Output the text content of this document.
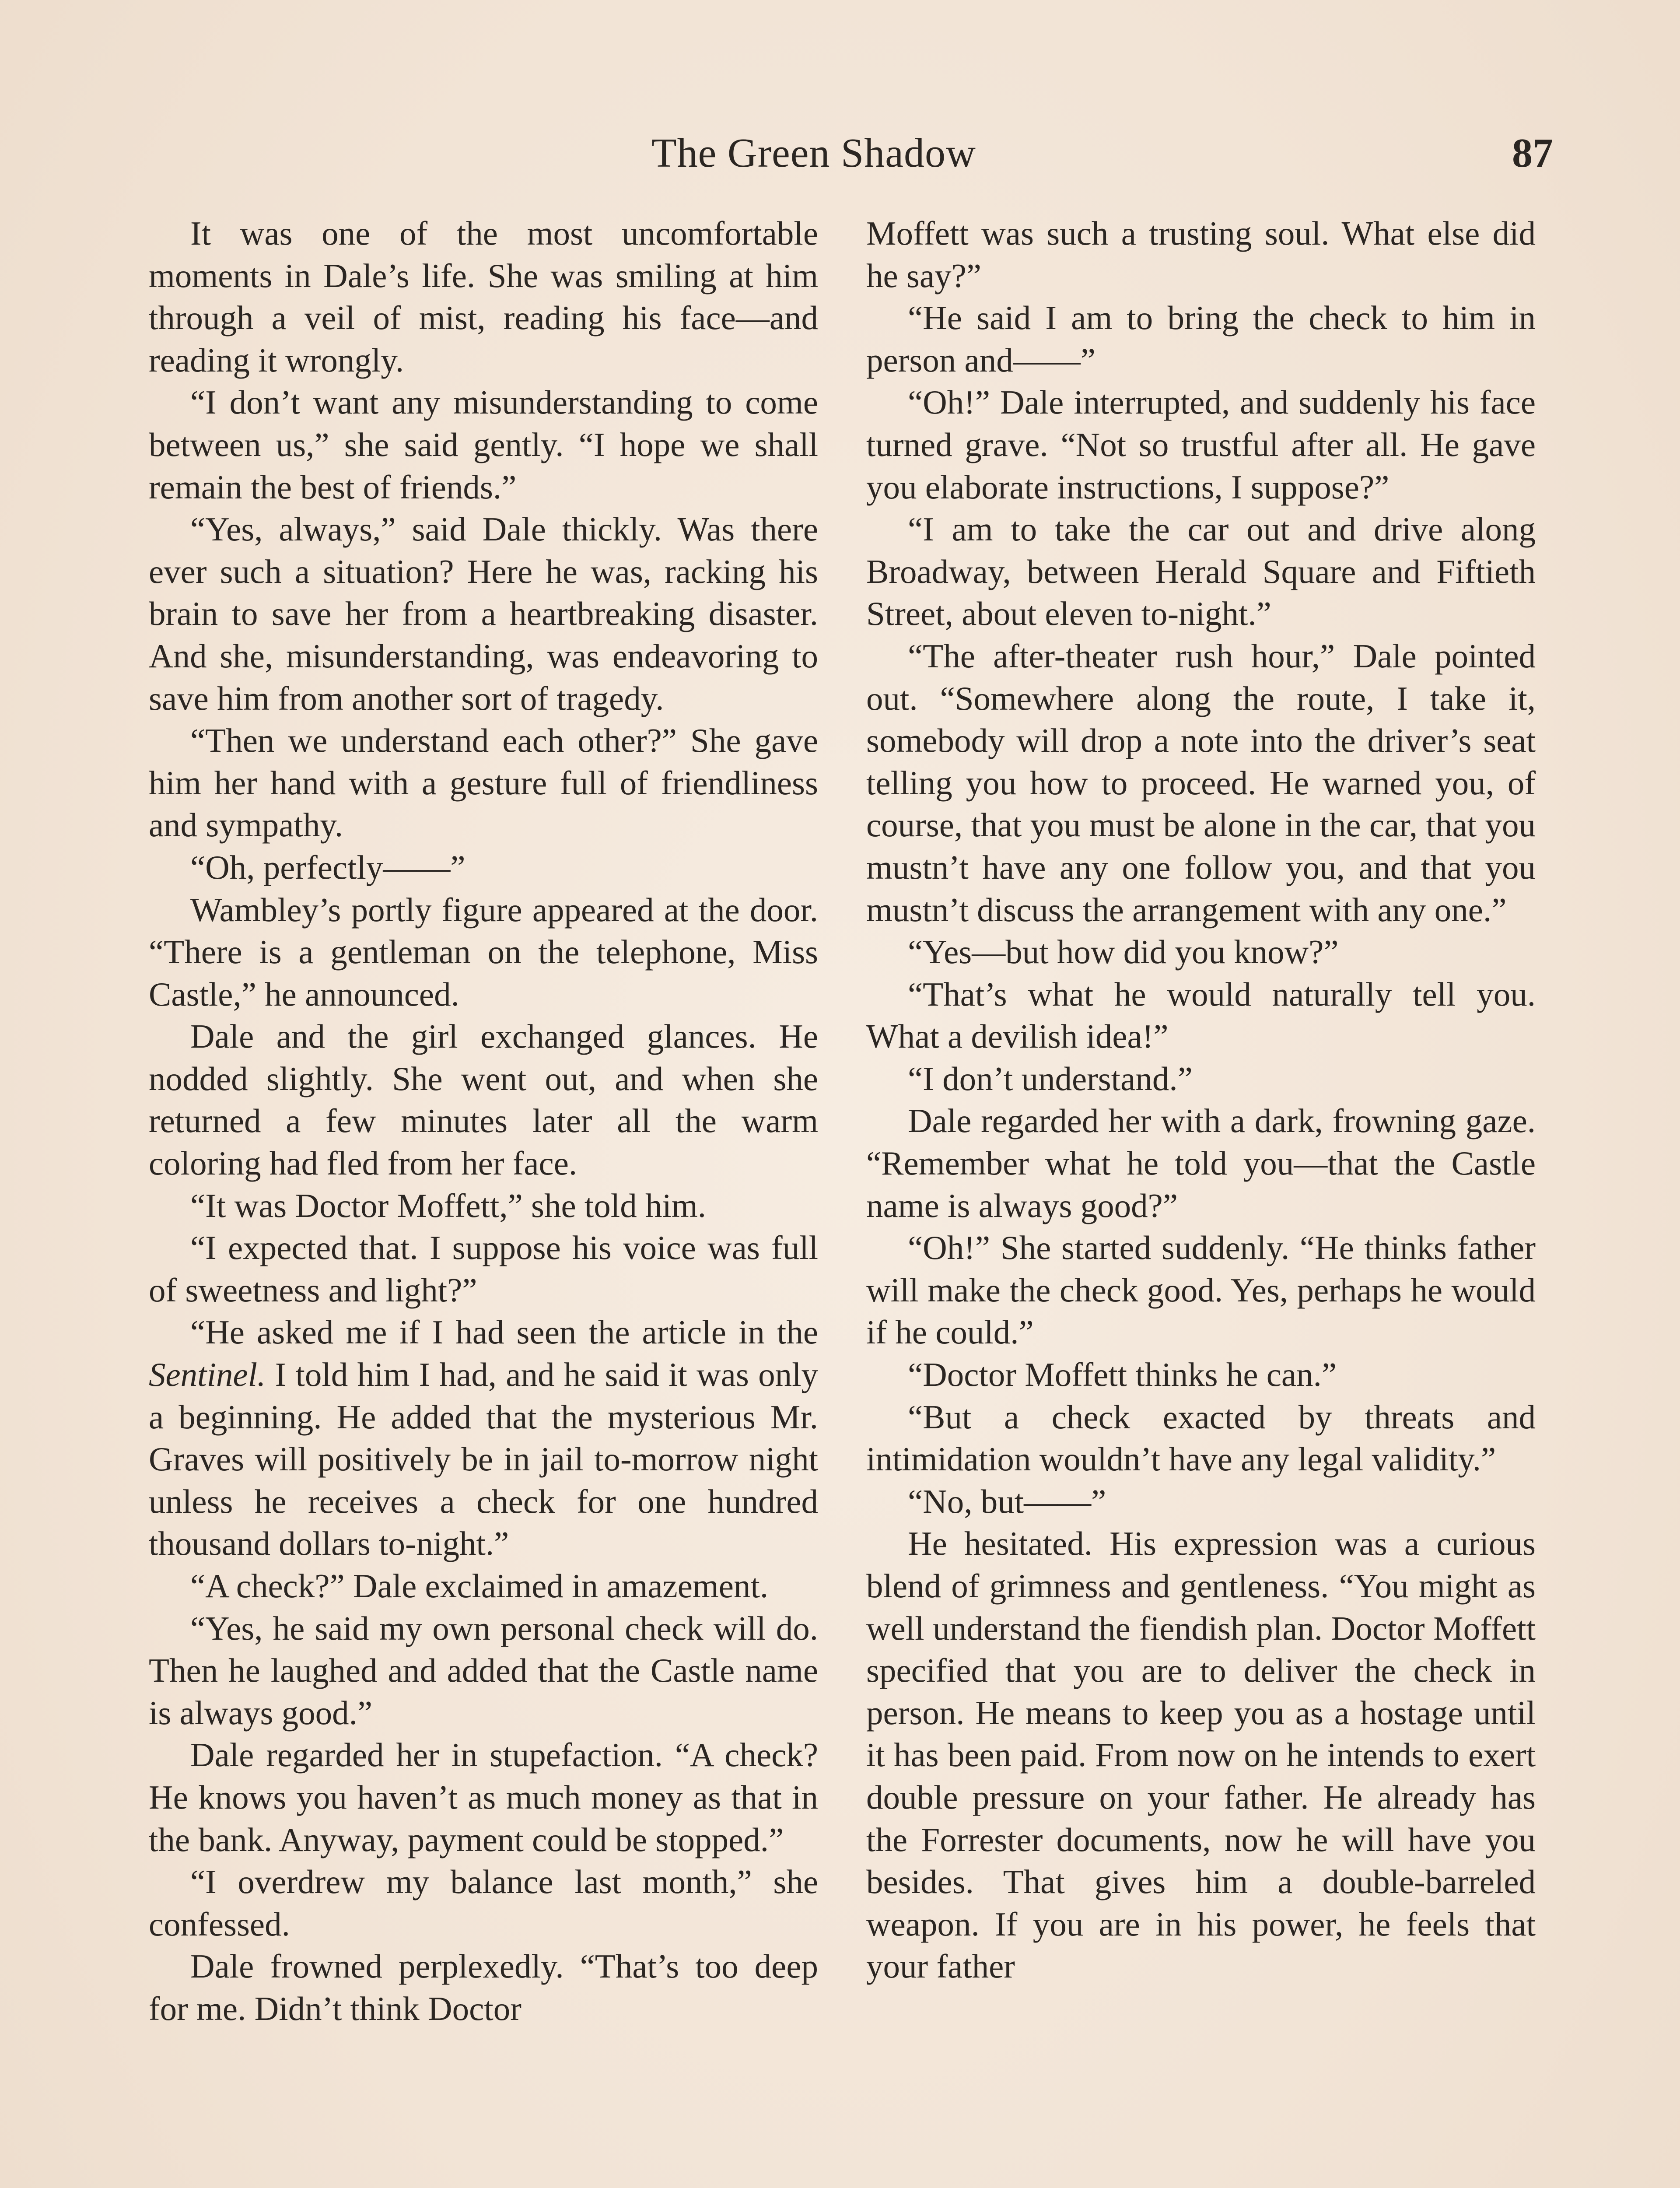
The Green Shadow	87

It was one of the most uncomfortable moments in Dale’s life. She was smiling at him through a veil of mist, reading his face—and reading it wrongly.

“I don’t want any misunderstanding to come between us,” she said gently. “I hope we shall remain the best of friends.”

“Yes, always,” said Dale thickly. Was there ever such a situation? Here he was, racking his brain to save her from a heartbreaking disaster. And she, misunderstanding, was endeavoring to save him from another sort of tragedy.

“Then we understand each other?” She gave him her hand with a gesture full of friendliness and sympathy.

“Oh, perfectly——”

Wambley’s portly figure appeared at the door. “There is a gentleman on the telephone, Miss Castle,” he announced.

Dale and the girl exchanged glances. He nodded slightly. She went out, and when she returned a few minutes later all the warm coloring had fled from her face.

“It was Doctor Moffett,” she told him.

“I expected that. I suppose his voice was full of sweetness and light?”

“He asked me if I had seen the article in the Sentinel. I told him I had, and he said it was only a beginning. He added that the mysterious Mr. Graves will positively be in jail to-morrow night unless he receives a check for one hundred thousand dollars to-night.”

“A check?” Dale exclaimed in amazement.

“Yes, he said my own personal check will do. Then he laughed and added that the Castle name is always good.”

Dale regarded her in stupefaction. “A check? He knows you haven’t as much money as that in the bank. Anyway, payment could be stopped.”

“I overdrew my balance last month,” she confessed.

Dale frowned perplexedly. “That’s too deep for me. Didn’t think Doctor

Moffett was such a trusting soul. What else did he say?”

“He said I am to bring the check to him in person and——”

“Oh!” Dale interrupted, and suddenly his face turned grave. “Not so trustful after all. He gave you elaborate instructions, I suppose?”

“I am to take the car out and drive along Broadway, between Herald Square and Fiftieth Street, about eleven to-night.”

“The after-theater rush hour,” Dale pointed out. “Somewhere along the route, I take it, somebody will drop a note into the driver’s seat telling you how to proceed. He warned you, of course, that you must be alone in the car, that you mustn’t have any one follow you, and that you mustn’t discuss the arrangement with any one.”

“Yes—but how did you know?”

“That’s what he would naturally tell you. What a devilish idea!”

“I don’t understand.”

Dale regarded her with a dark, frowning gaze. “Remember what he told you—that the Castle name is always good?”

“Oh!” She started suddenly. “He thinks father will make the check good. Yes, perhaps he would if he could.”

“Doctor Moffett thinks he can.”

“But a check exacted by threats and intimidation wouldn’t have any legal validity.”

“No, but——”

He hesitated. His expression was a curious blend of grimness and gentleness. “You might as well understand the fiendish plan. Doctor Moffett specified that you are to deliver the check in person. He means to keep you as a hostage until it has been paid. From now on he intends to exert double pressure on your father. He already has the Forrester documents, now he will have you besides. That gives him a double-barreled weapon. If you are in his power, he feels that your father
